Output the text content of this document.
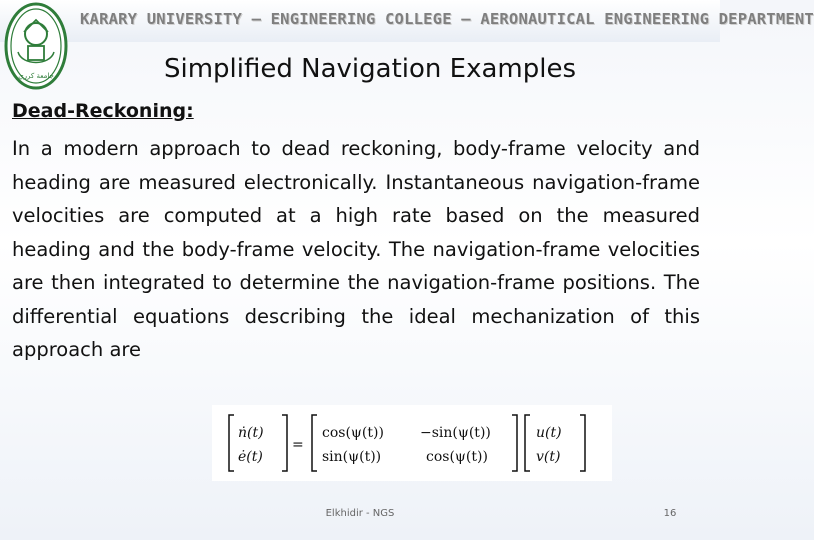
KARARY UNIVERSITY – ENGINEERING COLLEGE – AERONAUTICAL ENGINEERING DEPARTMENT
جامعة كرري	Simplified Navigation Examples
Dead-Reckoning:

In a modern approach to dead reckoning, body-frame velocity and heading are measured electronically. Instantaneous navigation-frame velocities are computed at a high rate based on the measured heading and the body-frame velocity. The navigation-frame velocities are then integrated to determine the navigation-frame positions. The differential equations describing the ideal mechanization of this approach are

ṅ(t)
ė(t)
=
cos(ψ(t))	−sin(ψ(t))
sin(ψ(t))	cos(ψ(t))
u(t)
v(t)
Elkhidir - NGS	16
